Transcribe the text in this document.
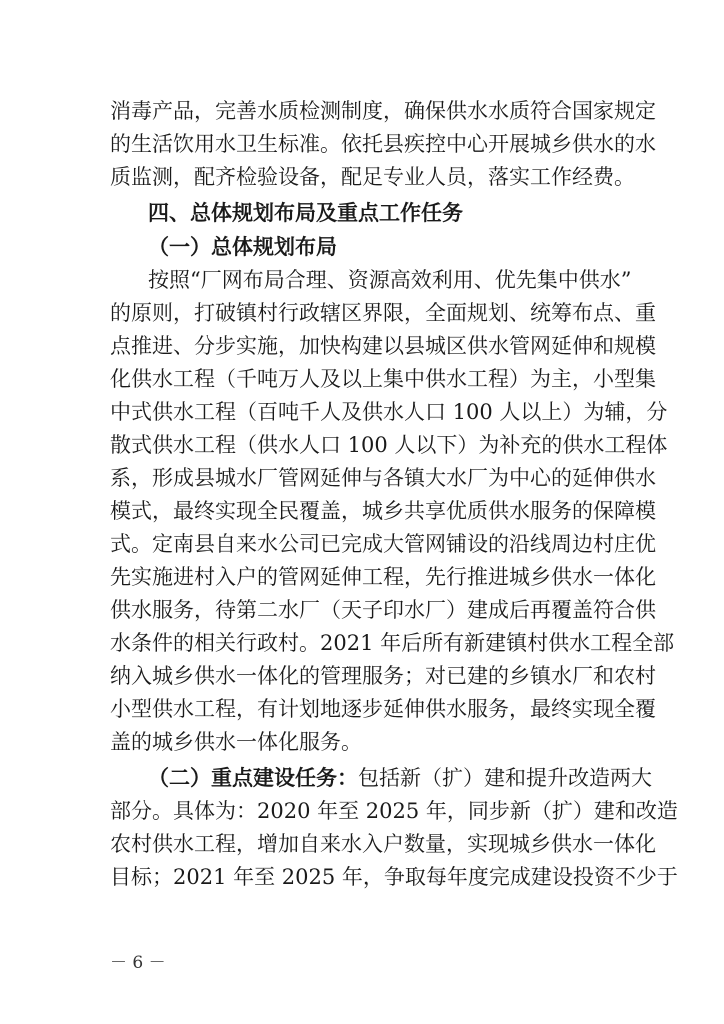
消毒产品，完善水质检测制度，确保供水水质符合国家规定
的生活饮用水卫生标准。依托县疾控中心开展城乡供水的水
质监测，配齐检验设备，配足专业人员，落实工作经费。
四、总体规划布局及重点工作任务
（一）总体规划布局
按照“厂网布局合理、资源高效利用、优先集中供水”
的原则，打破镇村行政辖区界限，全面规划、统筹布点、重
点推进、分步实施，加快构建以县城区供水管网延伸和规模
化供水工程（千吨万人及以上集中供水工程）为主，小型集
中式供水工程（百吨千人及供水人口 100 人以上）为辅，分
散式供水工程（供水人口 100 人以下）为补充的供水工程体
系，形成县城水厂管网延伸与各镇大水厂为中心的延伸供水
模式，最终实现全民覆盖，城乡共享优质供水服务的保障模
式。定南县自来水公司已完成大管网铺设的沿线周边村庄优
先实施进村入户的管网延伸工程，先行推进城乡供水一体化
供水服务，待第二水厂（天子印水厂）建成后再覆盖符合供
水条件的相关行政村。2021 年后所有新建镇村供水工程全部
纳入城乡供水一体化的管理服务；对已建的乡镇水厂和农村
小型供水工程，有计划地逐步延伸供水服务，最终实现全覆
盖的城乡供水一体化服务。
（二）重点建设任务：包括新（扩）建和提升改造两大
部分。具体为：2020 年至 2025 年，同步新（扩）建和改造
农村供水工程，增加自来水入户数量，实现城乡供水一体化
目标；2021 年至 2025 年，争取每年度完成建设投资不少于
－ 6 －
